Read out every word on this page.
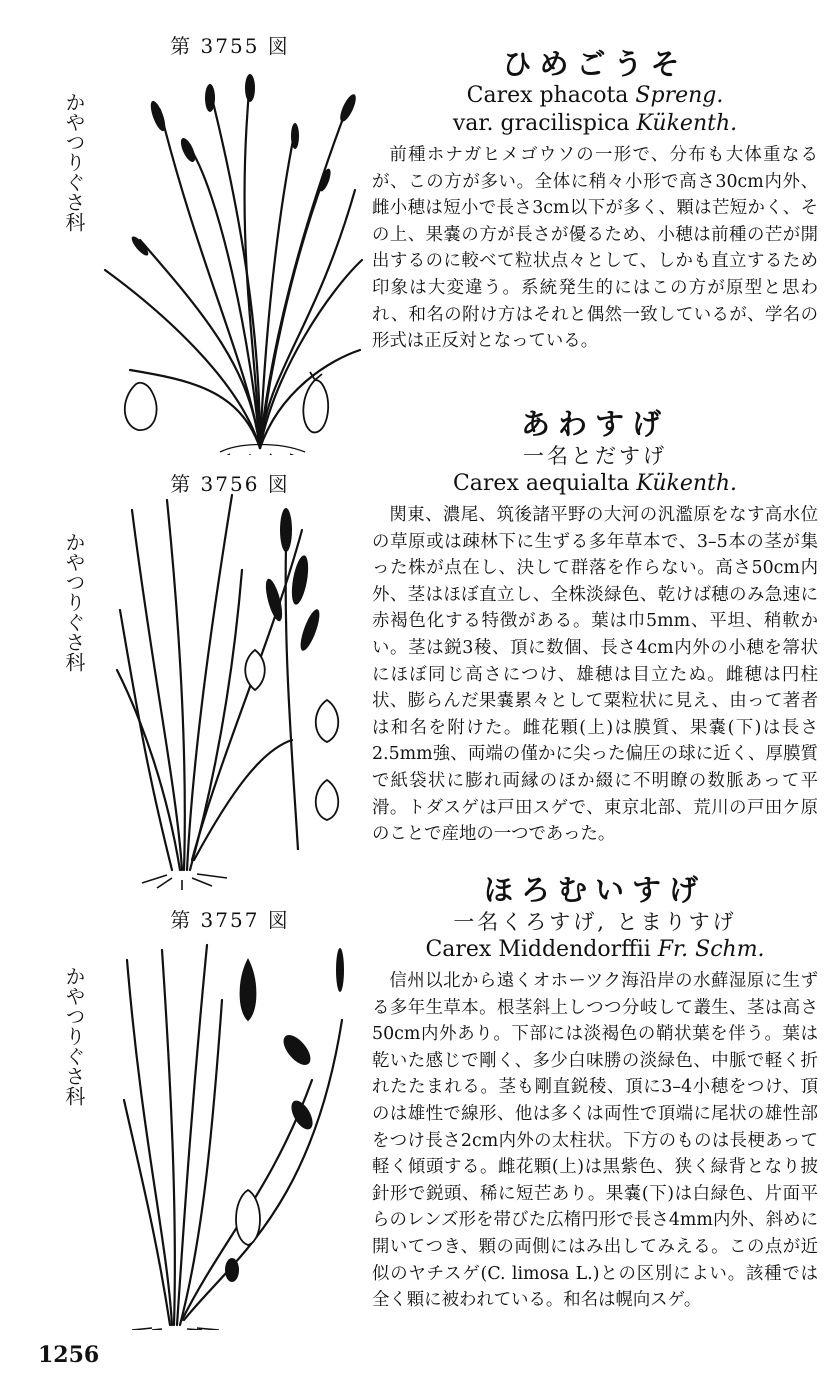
第 3755 図
かやつりぐさ科

ひめごうそ

Carex phacota Spreng.

var. gracilispica Kükenth.

前種ホナガヒメゴウソの一形で、分布も大体重なるが、この方が多い。全体に稍々小形で高さ30cm内外、雌小穂は短小で長さ3cm以下が多く、顆は芒短かく、その上、果嚢の方が長さが優るため、小穂は前種の芒が開出するのに較べて粒状点々として、しかも直立するため印象は大変違う。系統発生的にはこの方が原型と思われ、和名の附け方はそれと偶然一致しているが、学名の形式は正反対となっている。

第 3756 図
かやつりぐさ科

あわすげ

一名とだすげ

Carex aequialta Kükenth.

関東、濃尾、筑後諸平野の大河の汎濫原をなす高水位の草原或は疎林下に生ずる多年草本で、3–5本の茎が集った株が点在し、決して群落を作らない。高さ50cm内外、茎はほぼ直立し、全株淡緑色、乾けば穂のみ急速に赤褐色化する特徴がある。葉は巾5mm、平坦、稍軟かい。茎は鋭3稜、頂に数個、長さ4cm内外の小穂を箒状にほぼ同じ高さにつけ、雄穂は目立たぬ。雌穂は円柱状、膨らんだ果嚢累々として粟粒状に見え、由って著者は和名を附けた。雌花顆(上)は膜質、果嚢(下)は長さ2.5mm強、両端の僅かに尖った偏圧の球に近く、厚膜質で紙袋状に膨れ両縁のほか綴に不明瞭の数脈あって平滑。トダスゲは戸田スゲで、東京北部、荒川の戸田ケ原のことで産地の一つであった。

第 3757 図
かやつりぐさ科

ほろむいすげ

一名くろすげ, とまりすげ

Carex Middendorffii Fr. Schm.

信州以北から遠くオホーツク海沿岸の水蘚湿原に生ずる多年生草本。根茎斜上しつつ分岐して叢生、茎は高さ50cm内外あり。下部には淡褐色の鞘状葉を伴う。葉は乾いた感じで剛く、多少白味勝の淡緑色、中脈で軽く折れたたまれる。茎も剛直鋭稜、頂に3–4小穂をつけ、頂のは雄性で線形、他は多くは両性で頂端に尾状の雄性部をつけ長さ2cm内外の太柱状。下方のものは長梗あって軽く傾頭する。雌花顆(上)は黒紫色、狭く緑背となり披針形で鋭頭、稀に短芒あり。果嚢(下)は白緑色、片面平らのレンズ形を帯びた広楕円形で長さ4mm内外、斜めに開いてつき、顆の両側にはみ出してみえる。この点が近似のヤチスゲ(C. limosa L.)との区別によい。該種では全く顆に被われている。和名は幌向スゲ。

1256
